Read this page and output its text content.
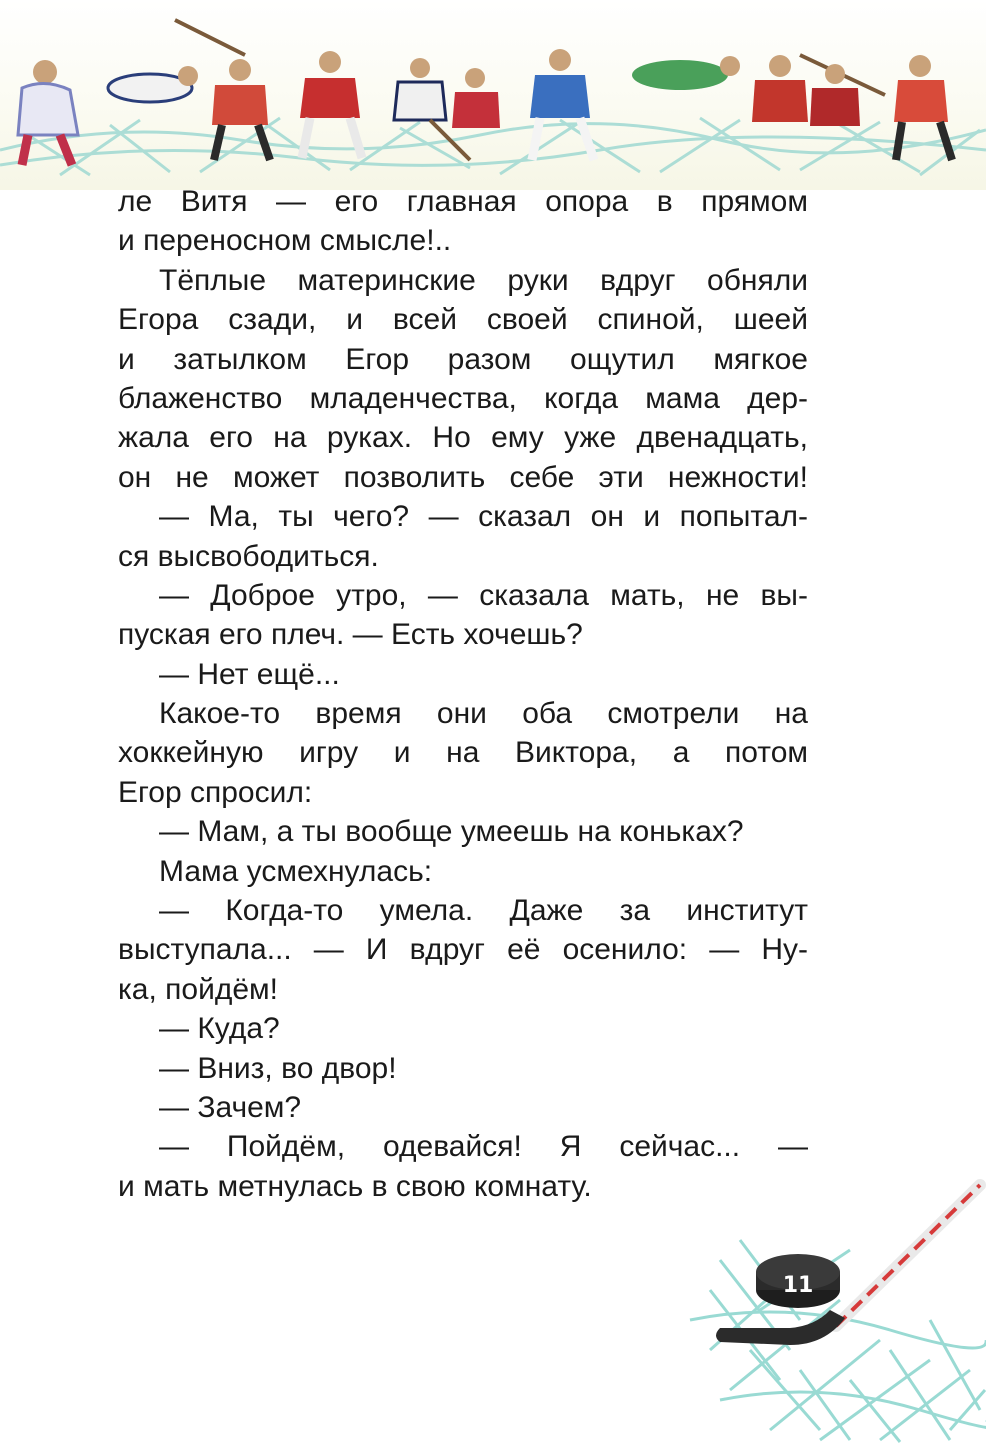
ле Витя — его главная опора в прямом
и переносном смысле!..
Тёплые материнские руки вдруг обняли
Егора сзади, и всей своей спиной, шеей
и затылком Егор разом ощутил мягкое
блаженство младенчества, когда мама дер-
жала его на руках. Но ему уже двенадцать,
он не может позволить себе эти нежности!
— Ма, ты чего? — сказал он и попытал-
ся высвободиться.
— Доброе утро, — сказала мать, не вы-
пуская его плеч. — Есть хочешь?
— Нет ещё...
Какое-то время они оба смотрели на
хоккейную игру и на Виктора, а потом
Егор спросил:
— Мам, а ты вообще умеешь на коньках?
Мама усмехнулась:
— Когда-то умела. Даже за институт
выступала... — И вдруг её осенило: — Ну-
ка, пойдём!
— Куда?
— Вниз, во двор!
— Зачем?
— Пойдём, одевайся! Я сейчас... —
и мать метнулась в свою комнату.
11
